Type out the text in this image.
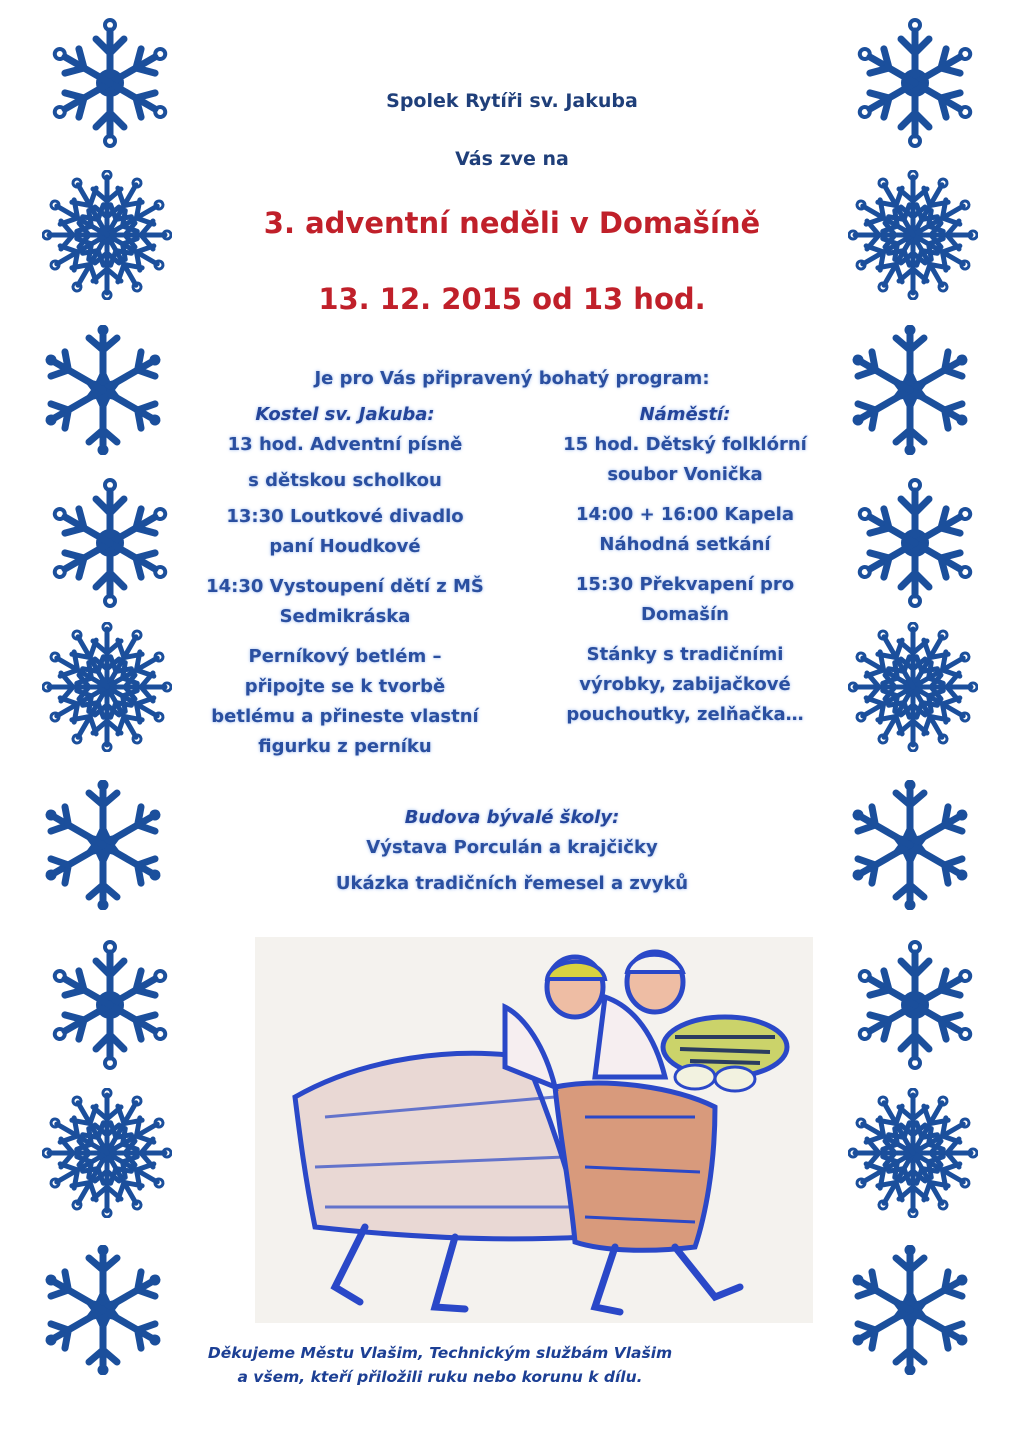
Spolek Rytíři sv. Jakuba
Vás zve na
3. adventní neděli v Domašíně
13. 12. 2015 od 13 hod.
Je pro Vás připravený bohatý program:
Kostel sv. Jakuba:

13 hod. Adventní písně

s dětskou scholkou

13:30 Loutkové divadlo

paní Houdkové

14:30 Vystoupení dětí z MŠ

Sedmikráska

Perníkový betlém –

připojte se k tvorbě

betlému a přineste vlastní

figurku z perníku

Náměstí:

15 hod. Dětský folklórní

soubor Vonička

14:00 + 16:00 Kapela

Náhodná setkání

15:30 Překvapení pro

Domašín

Stánky s tradičními

výrobky, zabijačkové

pouchoutky, zelňačka…

Budova bývalé školy:
Výstava Porculán a krajčičky
Ukázka tradičních řemesel a zvyků
Děkujeme Městu Vlašim, Technickým službám Vlašim
a všem, kteří přiložili ruku nebo korunu k dílu.
